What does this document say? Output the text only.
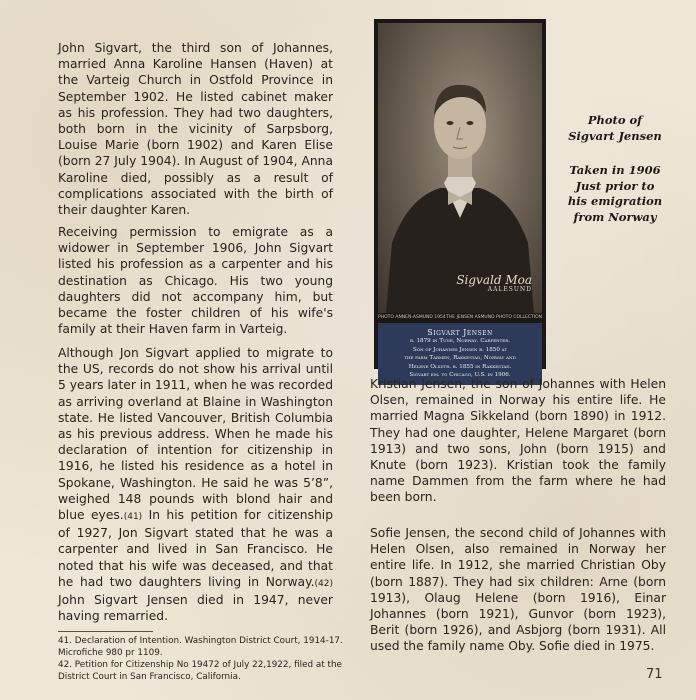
John Sigvart, the third son of Johannes, married Anna Karoline Hansen (Haven) at the Varteig Church in Ostfold Province in September 1902. He listed cabinet maker as his profession. They had two daughters, both born in the vicinity of Sarpsborg, Louise Marie (born 1902) and Karen Elise (born 27 July 1904). In August of 1904, Anna Karoline died, possibly as a result of complications associated with the birth of their daughter Karen.

Receiving permission to emigrate as a widower in September 1906, John Sigvart listed his profession as a carpenter and his destination as Chicago. His two young daughters did not accompany him, but became the foster children of his wife's family at their Haven farm in Varteig.

Although Jon Sigvart applied to migrate to the US, records do not show his arrival until 5 years later in 1911, when he was recorded as arriving overland at Blaine in Washington state. He listed Vancouver, British Columbia as his previous address. When he made his declaration of intention for citizenship in 1916, he listed his residence as a hotel in Spokane, Washington. He said he was 5’8”, weighed 148 pounds with blond hair and blue eyes.(41) In his petition for citizenship of 1927, Jon Sigvart stated that he was a carpenter and lived in San Francisco. He noted that his wife was deceased, and that he had two daughters living in Norway.(42) John Sigvart Jensen died in 1947, never having remarried.

Sigvald Moa
AALESUND
PHOTO ANNEN-ASMUND 1954 THE JENSEN ASMUND PHOTO COLLECTION
Sigvart Jensen
b. 1879 in Tune, Norway. Carpenter.
Son of Johannes Jensen b. 1850 at
the farm Tarmen, Rakkestad, Norway and
Helene Olsdtr. b. 1855 in Rakkestad.
Sigvart em. to Chicago, U.S. in 1906.
Photo of
Sigvart Jensen
Taken in 1906
Just prior to
his emigration
from Norway

Kristian Jensen, the son of Johannes with Helen Olsen, remained in Norway his entire life. He married Magna Sikkeland (born 1890) in 1912. They had one daughter, Helene Margaret (born 1913) and two sons, John (born 1915) and Knute (born 1923). Kristian took the family name Dammen from the farm where he had been born.

Sofie Jensen, the second child of Johannes with Helen Olsen, also remained in Norway her entire life. In 1912, she married Christian Oby (born 1887). They had six children: Arne (born 1913), Olaug Helene (born 1916), Einar Johannes (born 1921), Gunvor (born 1923), Berit (born 1926), and Asbjorg (born 1931). All used the family name Oby. Sofie died in 1975.

41. Declaration of Intention. Washington District Court, 1914-17. Microfiche 980 pr 1109.

42. Petition for Citizenship No 19472 of July 22,1922, filed at the District Court in San Francisco, California.	71
